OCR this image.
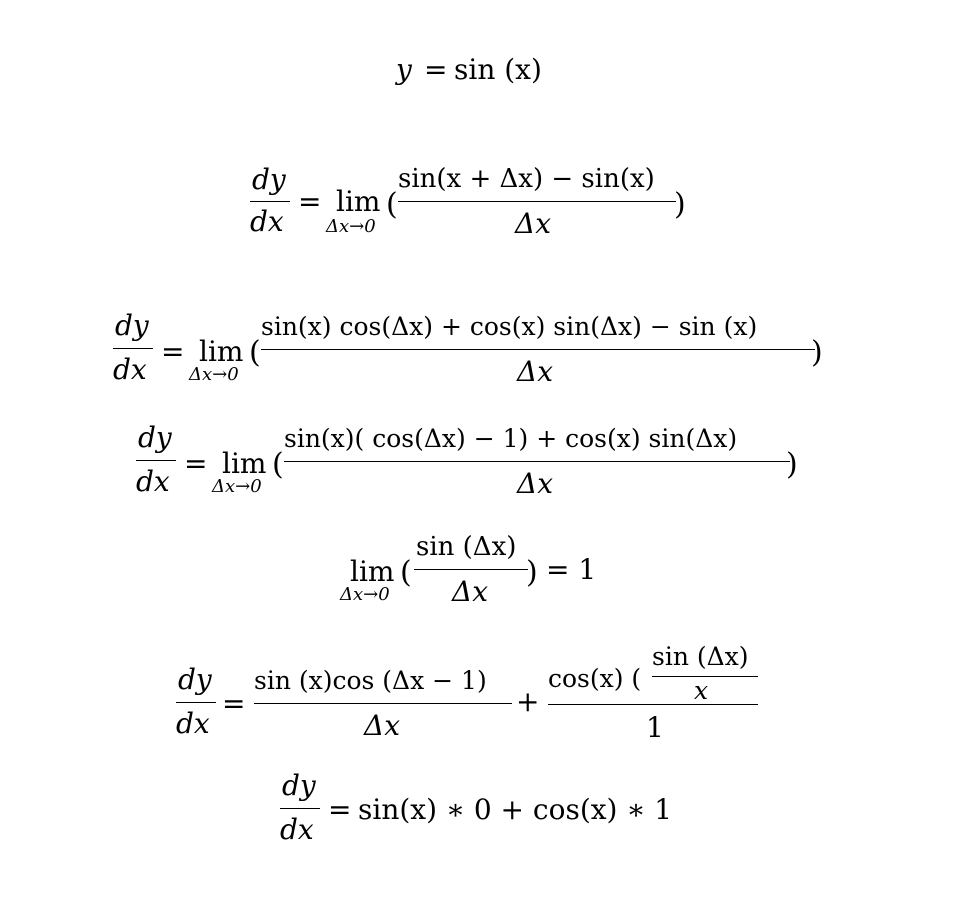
y = sin (x)
dy
dx
= lim
Δx→0
(
sin(x + Δx) − sin(x)
Δx
)
dy
dx
= lim
Δx→0
(
sin(x) cos(Δx) + cos(x) sin(Δx) − sin (x)
Δx
)
dy
dx
= lim
Δx→0
(
sin(x)( cos(Δx) − 1) + cos(x) sin(Δx)
Δx
)
lim
Δx→0
(
sin (Δx)
Δx
) = 1
dy
dx
=
sin (x)cos (Δx − 1)
Δx
+
cos(x) (
sin (Δx)
x
1
dy
dx
= sin(x) ∗ 0 + cos(x) ∗ 1
